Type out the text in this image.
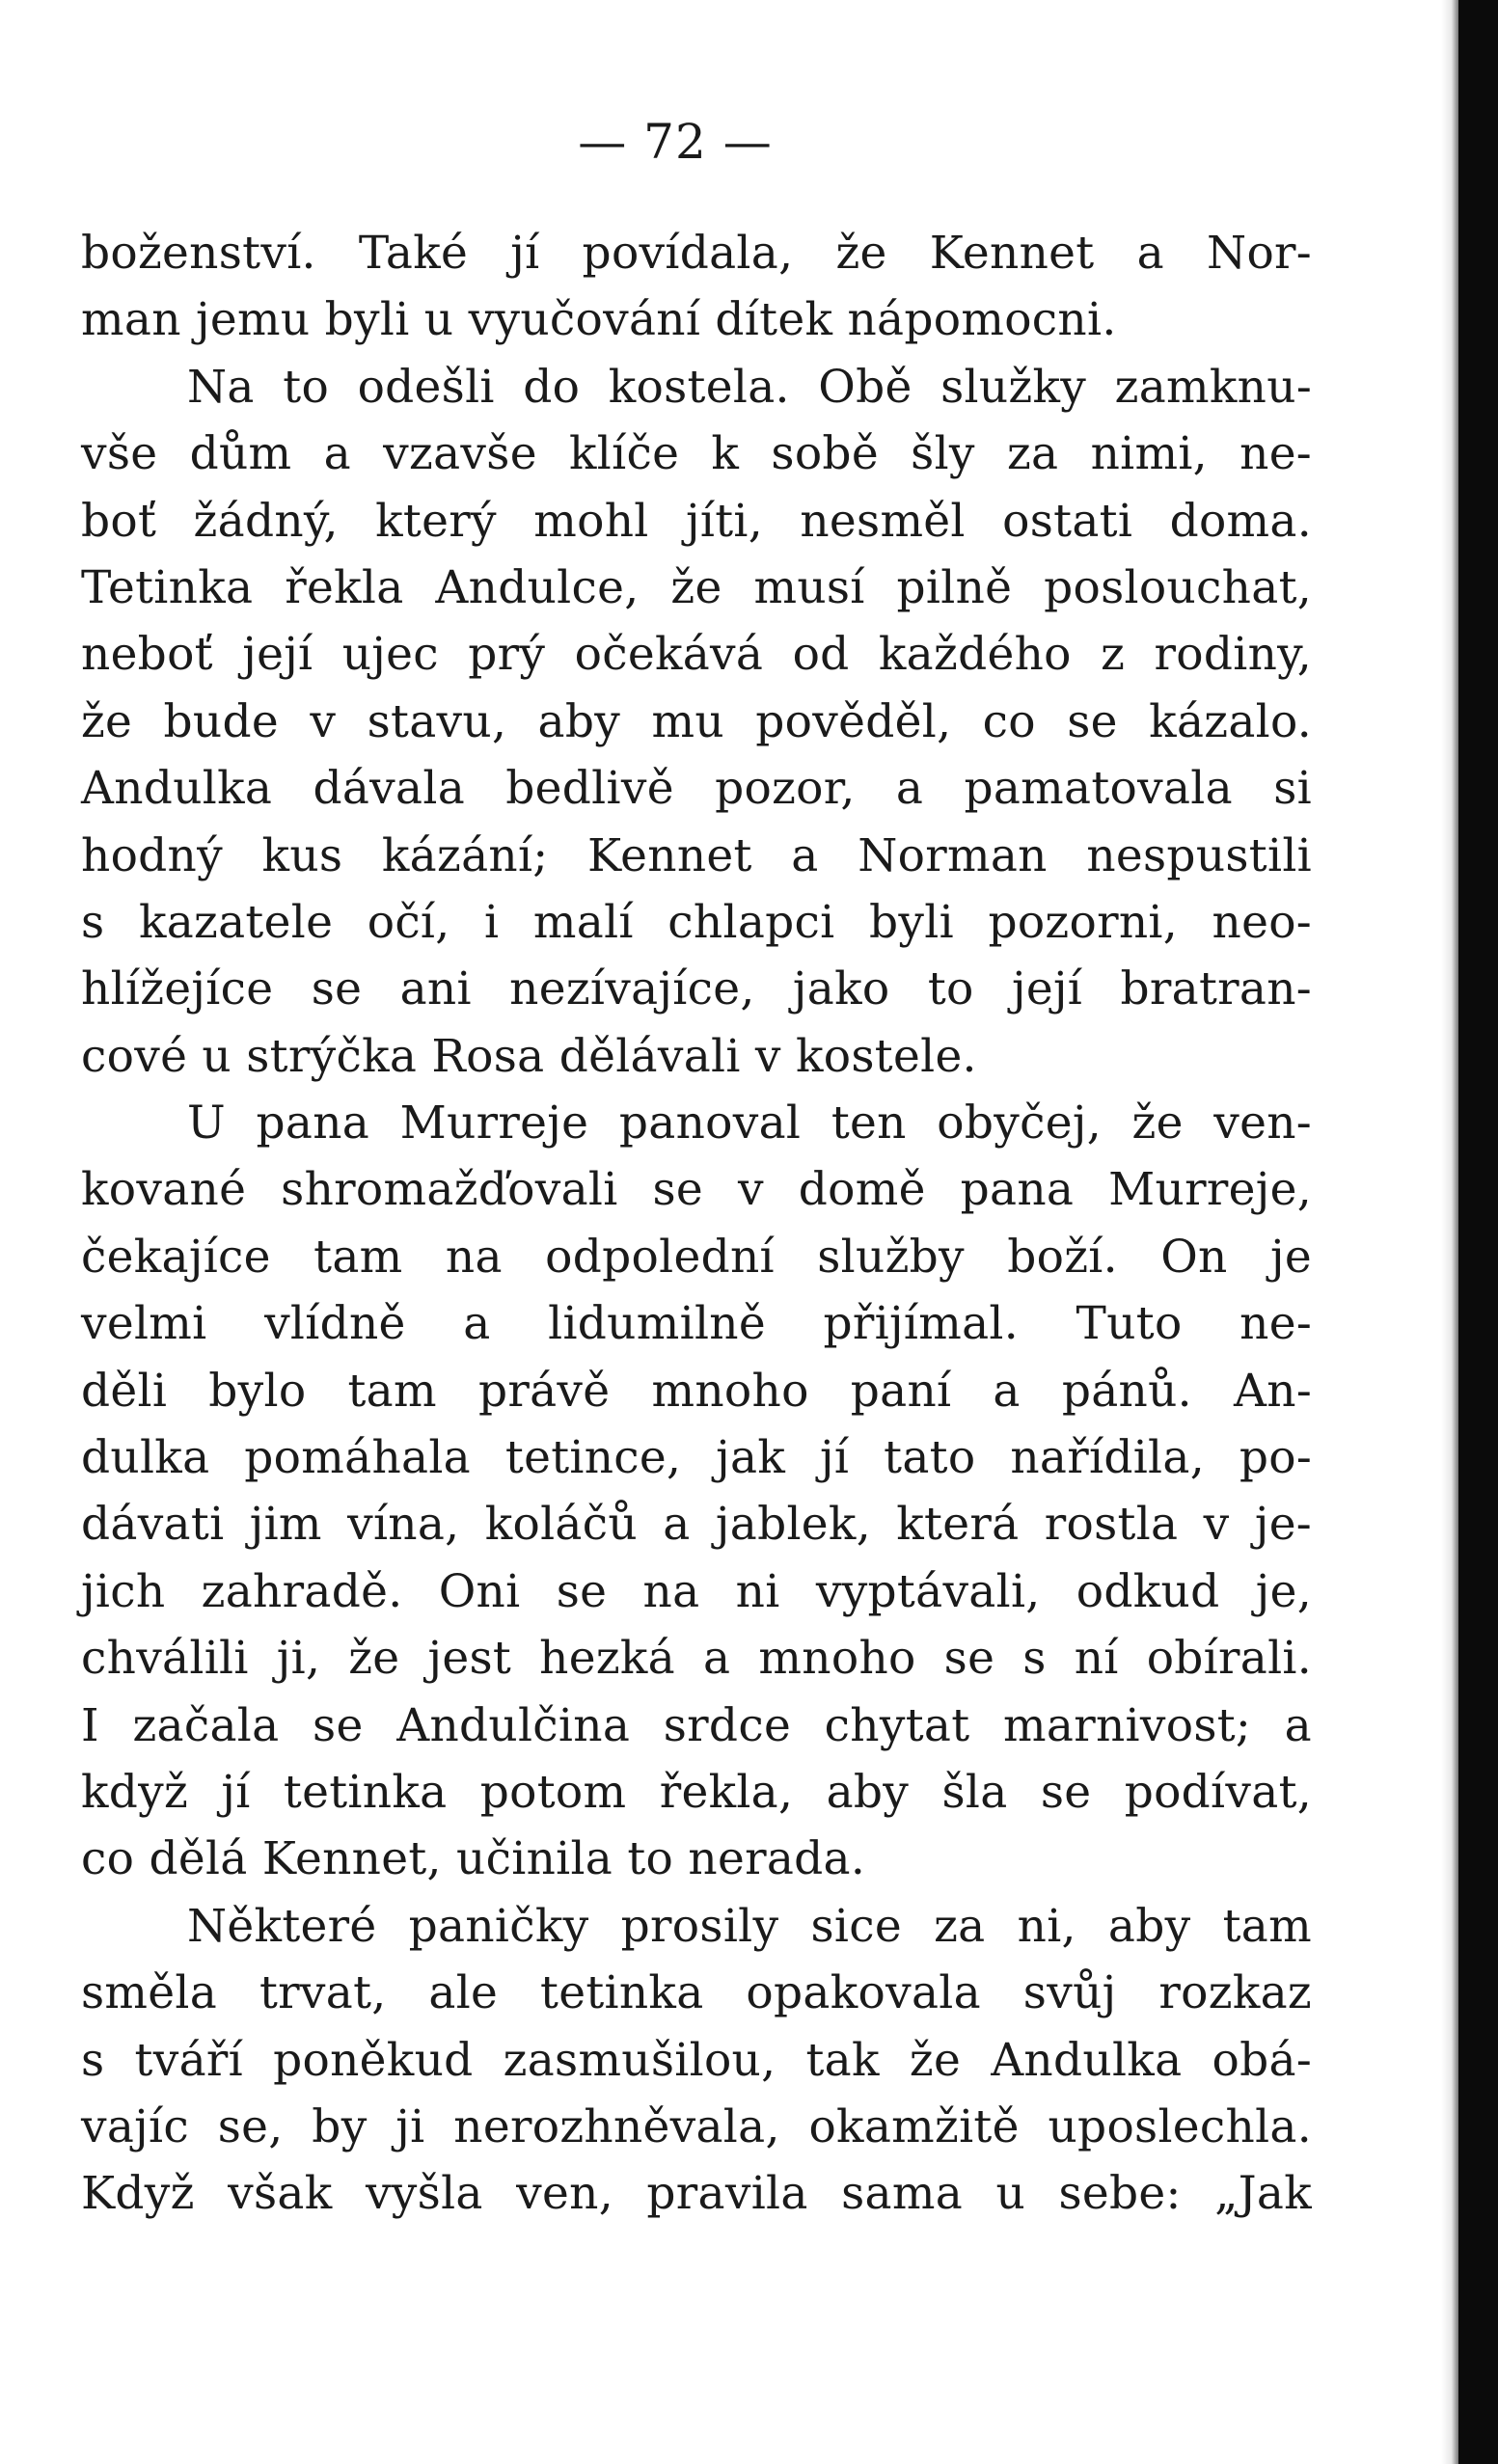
— 72 —
boženství. Také jí povídala, že Kennet a Nor-
man jemu byli u vyučování dítek nápomocni.
Na to odešli do kostela. Obě služky zamknu-
vše dům a vzavše klíče k sobě šly za nimi, ne-
boť žádný, který mohl jíti, nesměl ostati doma.
Tetinka řekla Andulce, že musí pilně poslouchat,
neboť její ujec prý očekává od každého z rodiny,
že bude v stavu, aby mu pověděl, co se kázalo.
Andulka dávala bedlivě pozor, a pamatovala si
hodný kus kázání; Kennet a Norman nespustili
s kazatele očí, i malí chlapci byli pozorni, neo-
hlížejíce se ani nezívajíce, jako to její bratran-
cové u strýčka Rosa dělávali v kostele.
U pana Murreje panoval ten obyčej, že ven-
kované shromažďovali se v domě pana Murreje,
čekajíce tam na odpolední služby boží. On je
velmi vlídně a lidumilně přijímal. Tuto ne-
děli bylo tam právě mnoho paní a pánů. An-
dulka pomáhala tetince, jak jí tato nařídila, po-
dávati jim vína, koláčů a jablek, která rostla v je-
jich zahradě. Oni se na ni vyptávali, odkud je,
chválili ji, že jest hezká a mnoho se s ní obírali.
I začala se Andulčina srdce chytat marnivost; a
když jí tetinka potom řekla, aby šla se podívat,
co dělá Kennet, učinila to nerada.
Některé paničky prosily sice za ni, aby tam
směla trvat, ale tetinka opakovala svůj rozkaz
s tváří poněkud zasmušilou, tak že Andulka obá-
vajíc se, by ji nerozhněvala, okamžitě uposlechla.
Když však vyšla ven, pravila sama u sebe: „Jak
